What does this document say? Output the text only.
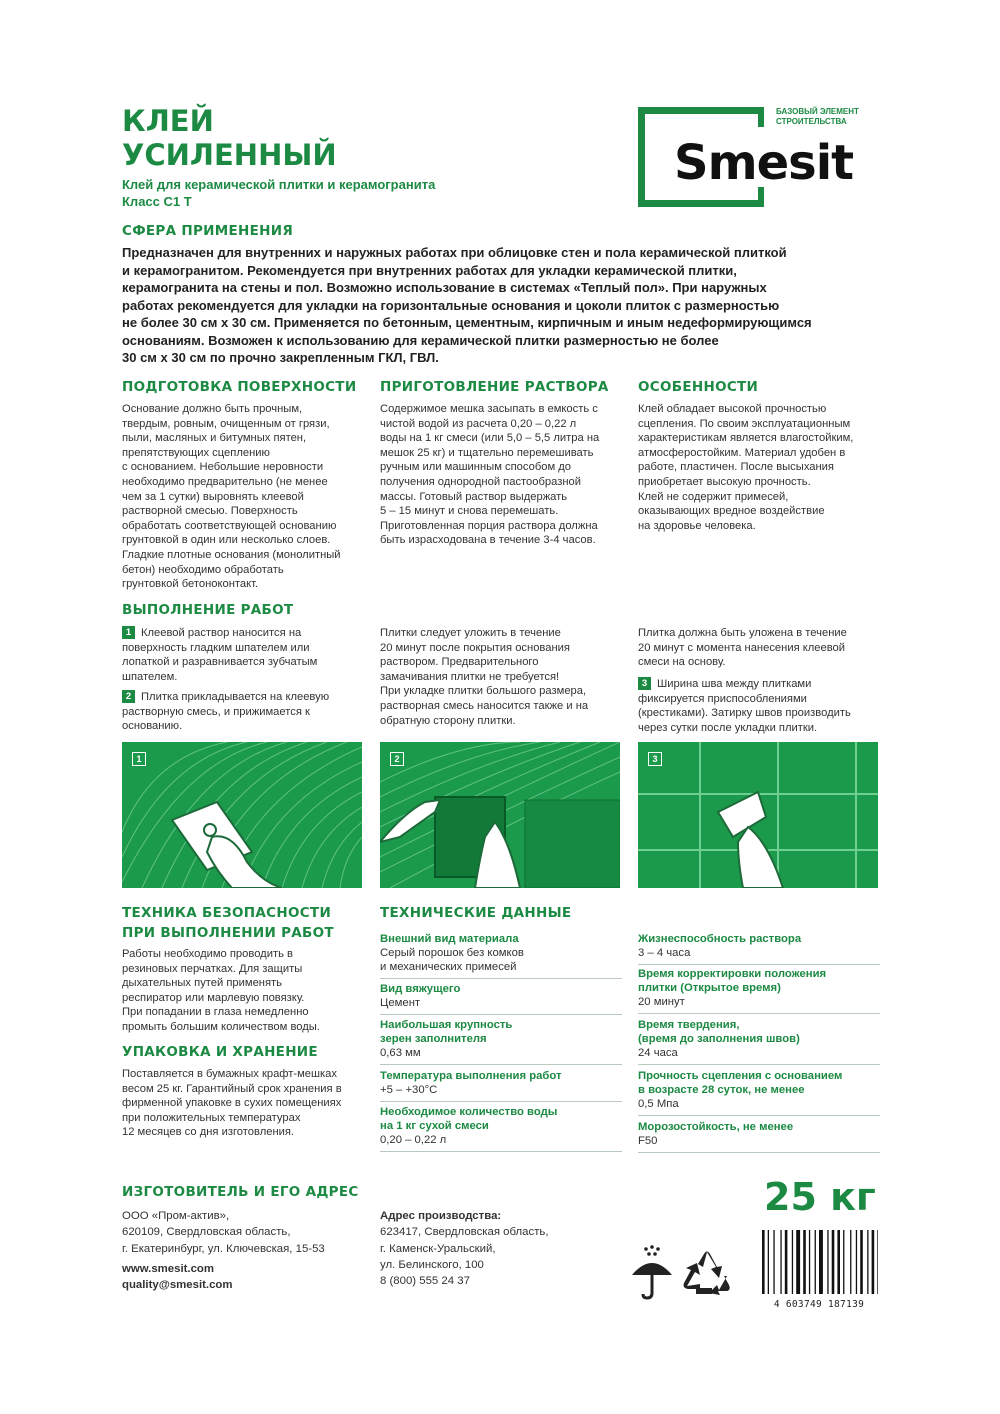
КЛЕЙ
УСИЛЕННЫЙ
Клей для керамической плитки и керамогранита
Класс С1 Т
БАЗОВЫЙ ЭЛЕМЕНТ
СТРОИТЕЛЬСТВА
Smesit
СФЕРА ПРИМЕНЕНИЯ
Предназначен для внутренних и наружных работах при облицовке стен и пола керамической плиткой
и керамогранитом. Рекомендуется при внутренних работах для укладки керамической плитки,
керамогранита на стены и пол. Возможно использование в системах «Теплый пол». При наружных
работах рекомендуется для укладки на горизонтальные основания и цоколи плиток с размерностью
не более 30 см х 30 см. Применяется по бетонным, цементным, кирпичным и иным недеформирующимся
основаниям. Возможен к использованию для керамической плитки размерностью не более
30 см х 30 см по прочно закрепленным ГКЛ, ГВЛ.
ПОДГОТОВКА ПОВЕРХНОСТИ
Основание должно быть прочным,
твердым, ровным, очищенным от грязи,
пыли, масляных и битумных пятен,
препятствующих сцеплению
с основанием. Небольшие неровности
необходимо предварительно (не менее
чем за 1 сутки) выровнять клеевой
растворной смесью. Поверхность
обработать соответствующей основанию
грунтовкой в один или несколько слоев.
Гладкие плотные основания (монолитный
бетон) необходимо обработать
грунтовкой бетоноконтакт.
ПРИГОТОВЛЕНИЕ РАСТВОРА
Содержимое мешка засыпать в емкость с
чистой водой из расчета 0,20 – 0,22 л
воды на 1 кг смеси (или 5,0 – 5,5 литра на
мешок 25 кг) и тщательно перемешивать
ручным или машинным способом до
получения однородной пастообразной
массы. Готовый раствор выдержать
5 – 15 минут и снова перемешать.
Приготовленная порция раствора должна
быть израсходована в течение 3-4 часов.
ОСОБЕННОСТИ
Клей обладает высокой прочностью
сцепления. По своим эксплуатационным
характеристикам является влагостойким,
атмосферостойким. Материал удобен в
работе, пластичен. После высыхания
приобретает высокую прочность.
Клей не содержит примесей,
оказывающих вредное воздействие
на здоровье человека.
ВЫПОЛНЕНИЕ РАБОТ
1 Клеевой раствор наносится на
поверхность гладким шпателем или
лопаткой и разравнивается зубчатым
шпателем.
2 Плитка прикладывается на клеевую
растворную смесь, и прижимается к
основанию.
Плитки следует уложить в течение
20 минут после покрытия основания
раствором. Предварительного
замачивания плитки не требуется!
При укладке плитки большого размера,
растворная смесь наносится также и на
обратную сторону плитки.
Плитка должна быть уложена в течение
20 минут с момента нанесения клеевой
смеси на основу.
3 Ширина шва между плитками
фиксируется приспособлениями
(крестиками). Затирку швов производить
через сутки после укладки плитки.
1	2	3
ТЕХНИКА БЕЗОПАСНОСТИ
ПРИ ВЫПОЛНЕНИИ РАБОТ
Работы необходимо проводить в
резиновых перчатках. Для защиты
дыхательных путей применять
респиратор или марлевую повязку.
При попадании в глаза немедленно
промыть большим количеством воды.
УПАКОВКА И ХРАНЕНИЕ
Поставляется в бумажных крафт-мешках
весом 25 кг. Гарантийный срок хранения в
фирменной упаковке в сухих помещениях
при положительных температурах
12 месяцев со дня изготовления.
ТЕХНИЧЕСКИЕ ДАННЫЕ
Внешний вид материала
Серый порошок без комков
и механических примесей
Вид вяжущего
Цемент
Наибольшая крупность
зерен заполнителя
0,63 мм
Температура выполнения работ
+5 – +30°С
Необходимое количество воды
на 1 кг сухой смеси
0,20 – 0,22 л
Жизнеспособность раствора
3 – 4 часа
Время корректировки положения
плитки (Открытое время)
20 минут
Время твердения,
(время до заполнения швов)
24 часа
Прочность сцепления с основанием
в возрасте 28 суток, не менее
0,5 Мпа
Морозостойкость, не менее
F50
ИЗГОТОВИТЕЛЬ И ЕГО АДРЕС
ООО «Пром-актив»,
620109, Свердловская область,
г. Екатеринбург, ул. Ключевская, 15-53
www.smesit.com
quality@smesit.com
Адрес производства:
623417, Свердловская область,
г. Каменск-Уральский,
ул. Белинского, 100
8 (800) 555 24 37
25 кг
4 603749 187139
